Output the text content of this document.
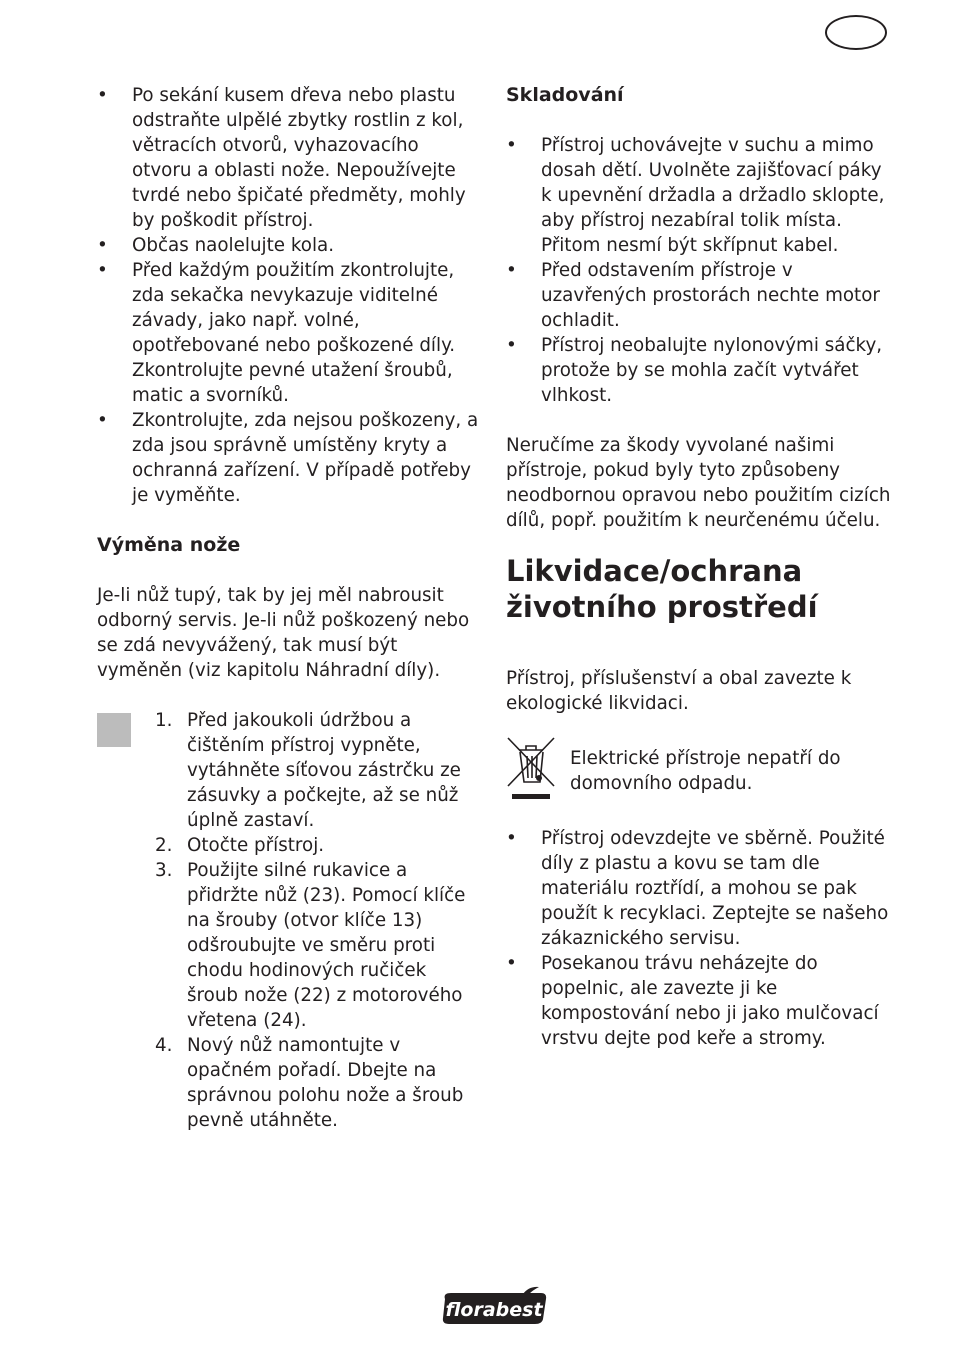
• Po sekání kusem dřeva nebo plastu odstraňte ulpělé zbytky rostlin z kol, větracích otvorů, vyhazovacího otvoru a oblasti nože. Nepoužívejte tvrdé nebo špičaté předměty, mohly by poškodit přístroj.
• Občas naolelujte kola.
• Před každým použitím zkontrolujte, zda sekačka nevykazuje viditelné závady, jako např. volné, opotřebované nebo poškozené díly. Zkontrolujte pevné utažení šroubů, matic a svorníků.
• Zkontrolujte, zda nejsou poškozeny, a zda jsou správně umístěny kryty a ochranná zařízení. V případě potřeby je vyměňte.
Výměna nože

Je-li nůž tupý, tak by jej měl nabrousit odborný servis. Je-li nůž poškozený nebo se zdá nevyvážený, tak musí být vyměněn (viz kapitolu Náhradní díly).

1. Před jakoukoli údržbou a čištěním přístroj vypněte, vytáhněte síťovou zástrčku ze zásuvky a počkejte, až se nůž úplně zastaví.
2. Otočte přístroj.
3. Použijte silné rukavice a přidržte nůž (23). Pomocí klíče na šrouby (otvor klíče 13) odšroubujte ve směru proti chodu hodinových ručiček šroub nože (22) z motorového vřetena (24).
4. Nový nůž namontujte v opačném pořadí. Dbejte na správnou polohu nože a šroub pevně utáhněte.
Skladování
• Přístroj uchovávejte v suchu a mimo dosah dětí. Uvolněte zajišťovací páky k upevnění držadla a držadlo sklopte, aby přístroj nezabíral tolik místa. Přitom nesmí být skřípnut kabel.
• Před odstavením přístroje v uzavřených prostorách nechte motor ochladit.
• Přístroj neobalujte nylonovými sáčky, protože by se mohla začít vytvářet vlhkost.

Neručíme za škody vyvolané našimi přístroje, pokud byly tyto způsobeny neodbornou opravou nebo použitím cizích dílů, popř. použitím k neurčenému účelu.

Likvidace/ochrana
životního prostředí

Přístroj, příslušenství a obal zavezte k ekologické likvidaci.

Elektrické přístroje nepatří do domovního odpadu.

• Přístroj odevzdejte ve sběrně. Použité díly z plastu a kovu se tam dle materiálu roztřídí, a mohou se pak použít k recyklaci. Zeptejte se našeho zákaznického servisu.
• Posekanou trávu neházejte do popelnic, ale zavezte ji ke kompostování nebo ji jako mulčovací vrstvu dejte pod keře a stromy.
florabest
